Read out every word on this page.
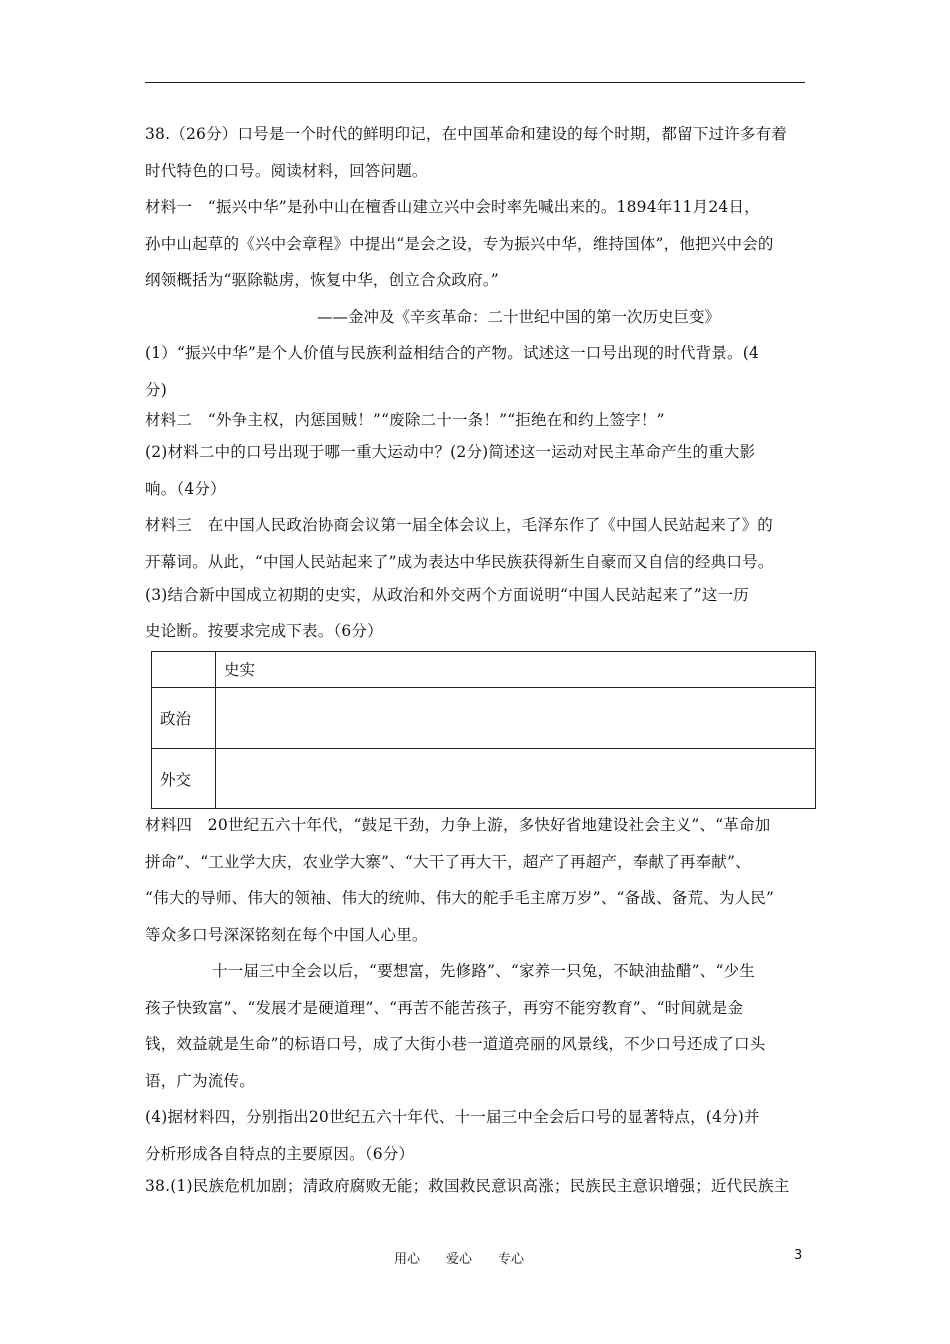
38.（26分）口号是一个时代的鲜明印记，在中国革命和建设的每个时期，都留下过许多有着
时代特色的口号。阅读材料，回答问题。
材料一　“振兴中华”是孙中山在檀香山建立兴中会时率先喊出来的。1894年11月24日，
孙中山起草的《兴中会章程》中提出“是会之设，专为振兴中华，维持国体”，他把兴中会的
纲领概括为“驱除鞑虏，恢复中华，创立合众政府。”
——金冲及《辛亥革命：二十世纪中国的第一次历史巨变》
(1）“振兴中华”是个人价值与民族利益相结合的产物。试述这一口号出现的时代背景。(4
分)
材料二　“外争主权，内惩国贼！”“废除二十一条！”“拒绝在和约上签字！”
(2)材料二中的口号出现于哪一重大运动中？(2分)简述这一运动对民主革命产生的重大影
响。（4分）
材料三　在中国人民政治协商会议第一届全体会议上，毛泽东作了《中国人民站起来了》的
开幕词。从此，“中国人民站起来了”成为表达中华民族获得新生自豪而又自信的经典口号。
(3)结合新中国成立初期的史实，从政治和外交两个方面说明“中国人民站起来了”这一历
史论断。按要求完成下表。（6分）
	史实
政治	
外交	
材料四　20世纪五六十年代，“鼓足干劲，力争上游，多快好省地建设社会主义”、“革命加
拼命”、“工业学大庆，农业学大寨”、“大干了再大干，超产了再超产，奉献了再奉献”、
“伟大的导师、伟大的领袖、伟大的统帅、伟大的舵手毛主席万岁”、“备战、备荒、为人民”
等众多口号深深铭刻在每个中国人心里。
十一届三中全会以后，“要想富，先修路”、“家养一只兔，不缺油盐醋”、“少生
孩子快致富”、“发展才是硬道理”、“再苦不能苦孩子，再穷不能穷教育”、“时间就是金
钱，效益就是生命”的标语口号，成了大街小巷一道道亮丽的风景线，不少口号还成了口头
语，广为流传。
(4)据材料四，分别指出20世纪五六十年代、十一届三中全会后口号的显著特点，(4分)并
分析形成各自特点的主要原因。（6分）
38.(1)民族危机加剧；清政府腐败无能；救国救民意识高涨；民族民主意识增强；近代民族主
用心　　爱心　　专心	3
